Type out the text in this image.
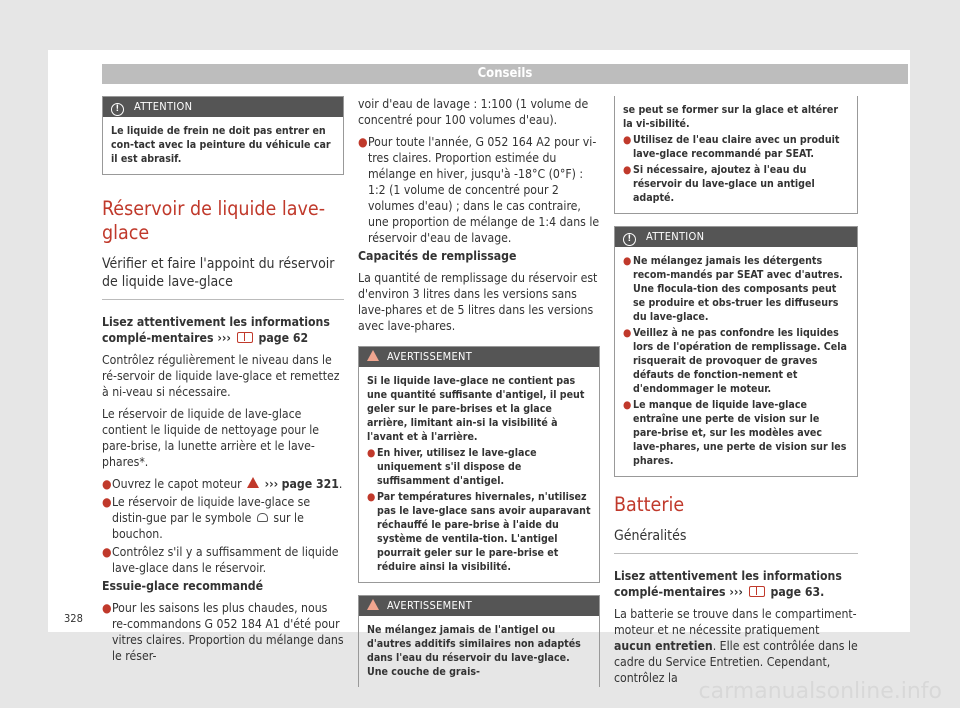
Conseils
! ATTENTION

Le liquide de frein ne doit pas entrer en con-tact avec la peinture du véhicule car il est abrasif.

Réservoir de liquide lave-glace
Vérifier et faire l'appoint du réservoir de liquide lave-glace

Lisez attentivement les informations complé-mentaires ››› page 62

Contrôlez régulièrement le niveau dans le ré-servoir de liquide lave-glace et remettez à ni-veau si nécessaire.

Le réservoir de liquide de lave-glace contient le liquide de nettoyage pour le pare-brise, la lunette arrière et le lave-phares*.

● Ouvrez le capot moteur ››› page 321.

● Le réservoir de liquide lave-glace se distin-gue par le symbole sur le bouchon.

● Contrôlez s'il y a suffisamment de liquide lave-glace dans le réservoir.

Essuie-glace recommandé

● Pour les saisons les plus chaudes, nous re-commandons G 052 184 A1 d'été pour vitres claires. Proportion du mélange dans le réser-

voir d'eau de lavage : 1:100 (1 volume de concentré pour 100 volumes d'eau).

● Pour toute l'année, G 052 164 A2 pour vi-tres claires. Proportion estimée du mélange en hiver, jusqu'à -18°C (0°F) : 1:2 (1 volume de concentré pour 2 volumes d'eau) ; dans le cas contraire, une proportion de mélange de 1:4 dans le réservoir d'eau de lavage.

Capacités de remplissage

La quantité de remplissage du réservoir est d'environ 3 litres dans les versions sans lave-phares et de 5 litres dans les versions avec lave-phares.

AVERTISSEMENT

Si le liquide lave-glace ne contient pas une quantité suffisante d'antigel, il peut geler sur le pare-brises et la glace arrière, limitant ain-si la visibilité à l'avant et à l'arrière.

● En hiver, utilisez le lave-glace uniquement s'il dispose de suffisamment d'antigel.

● Par températures hivernales, n'utilisez pas le lave-glace sans avoir auparavant réchauffé le pare-brise à l'aide du système de ventila-tion. L'antigel pourrait geler sur le pare-brise et réduire ainsi la visibilité.

AVERTISSEMENT

Ne mélangez jamais de l'antigel ou d'autres additifs similaires non adaptés dans l'eau du réservoir du lave-glace. Une couche de grais-

se peut se former sur la glace et altérer la vi-sibilité.

● Utilisez de l'eau claire avec un produit lave-glace recommandé par SEAT.

● Si nécessaire, ajoutez à l'eau du réservoir du lave-glace un antigel adapté.

! ATTENTION

● Ne mélangez jamais les détergents recom-mandés par SEAT avec d'autres. Une flocula-tion des composants peut se produire et obs-truer les diffuseurs du lave-glace.

● Veillez à ne pas confondre les liquides lors de l'opération de remplissage. Cela risquerait de provoquer de graves défauts de fonction-nement et d'endommager le moteur.

● Le manque de liquide lave-glace entraîne une perte de vision sur le pare-brise et, sur les modèles avec lave-phares, une perte de vision sur les phares.

Batterie
Généralités

Lisez attentivement les informations complé-mentaires ››› page 63.

La batterie se trouve dans le compartiment-moteur et ne nécessite pratiquement aucun entretien. Elle est contrôlée dans le cadre du Service Entretien. Cependant, contrôlez la

328
carmanualsonline.info
